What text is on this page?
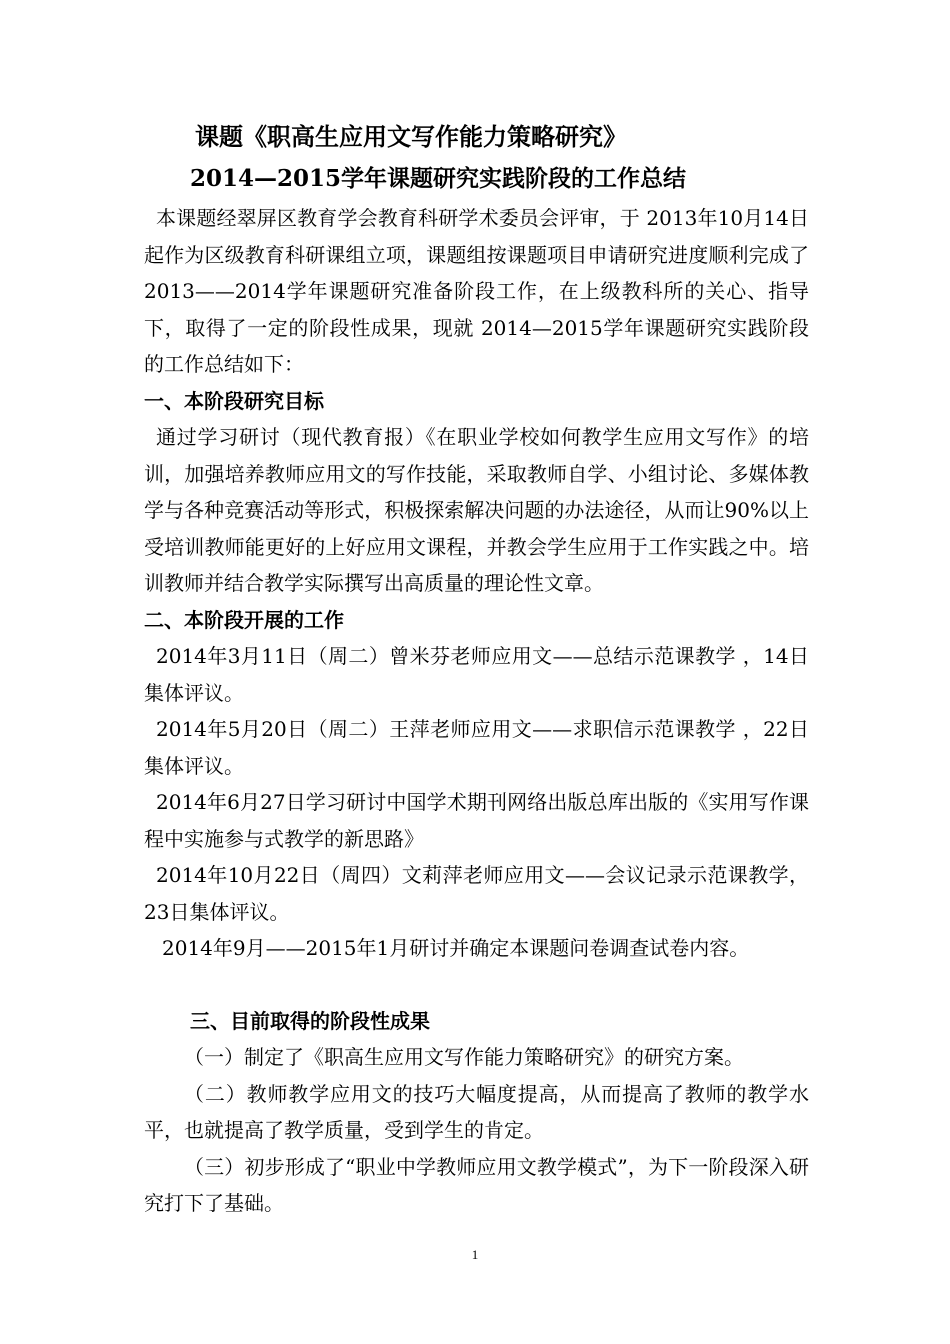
课题《职高生应用文写作能力策略研究》
2014—2015学年课题研究实践阶段的工作总结

本课题经翠屏区教育学会教育科研学术委员会评审，于 2013年10月14日起作为区级教育科研课组立项，课题组按课题项目申请研究进度顺利完成了 2013——2014学年课题研究准备阶段工作，在上级教科所的关心、指导下，取得了一定的阶段性成果，现就 2014—2015学年课题研究实践阶段的工作总结如下：

一、本阶段研究目标

通过学习研讨（现代教育报）《在职业学校如何教学生应用文写作》的培训，加强培养教师应用文的写作技能，采取教师自学、小组讨论、多媒体教学与各种竞赛活动等形式，积极探索解决问题的办法途径，从而让90%以上受培训教师能更好的上好应用文课程，并教会学生应用于工作实践之中。培训教师并结合教学实际撰写出高质量的理论性文章。

二、本阶段开展的工作

2014年3月11日（周二）曾米芬老师应用文——总结示范课教学 ，14日集体评议。

2014年5月20日（周二）王萍老师应用文——求职信示范课教学 ，22日集体评议。

2014年6月27日学习研讨中国学术期刊网络出版总库出版的《实用写作课程中实施参与式教学的新思路》

2014年10月22日（周四）文莉萍老师应用文——会议记录示范课教学，23日集体评议。

2014年9月——2015年1月研讨并确定本课题问卷调查试卷内容。

三、目前取得的阶段性成果

（一）制定了《职高生应用文写作能力策略研究》的研究方案。

（二）教师教学应用文的技巧大幅度提高，从而提高了教师的教学水平，也就提高了教学质量，受到学生的肯定。

（三）初步形成了“职业中学教师应用文教学模式”，为下一阶段深入研究打下了基础。

1
